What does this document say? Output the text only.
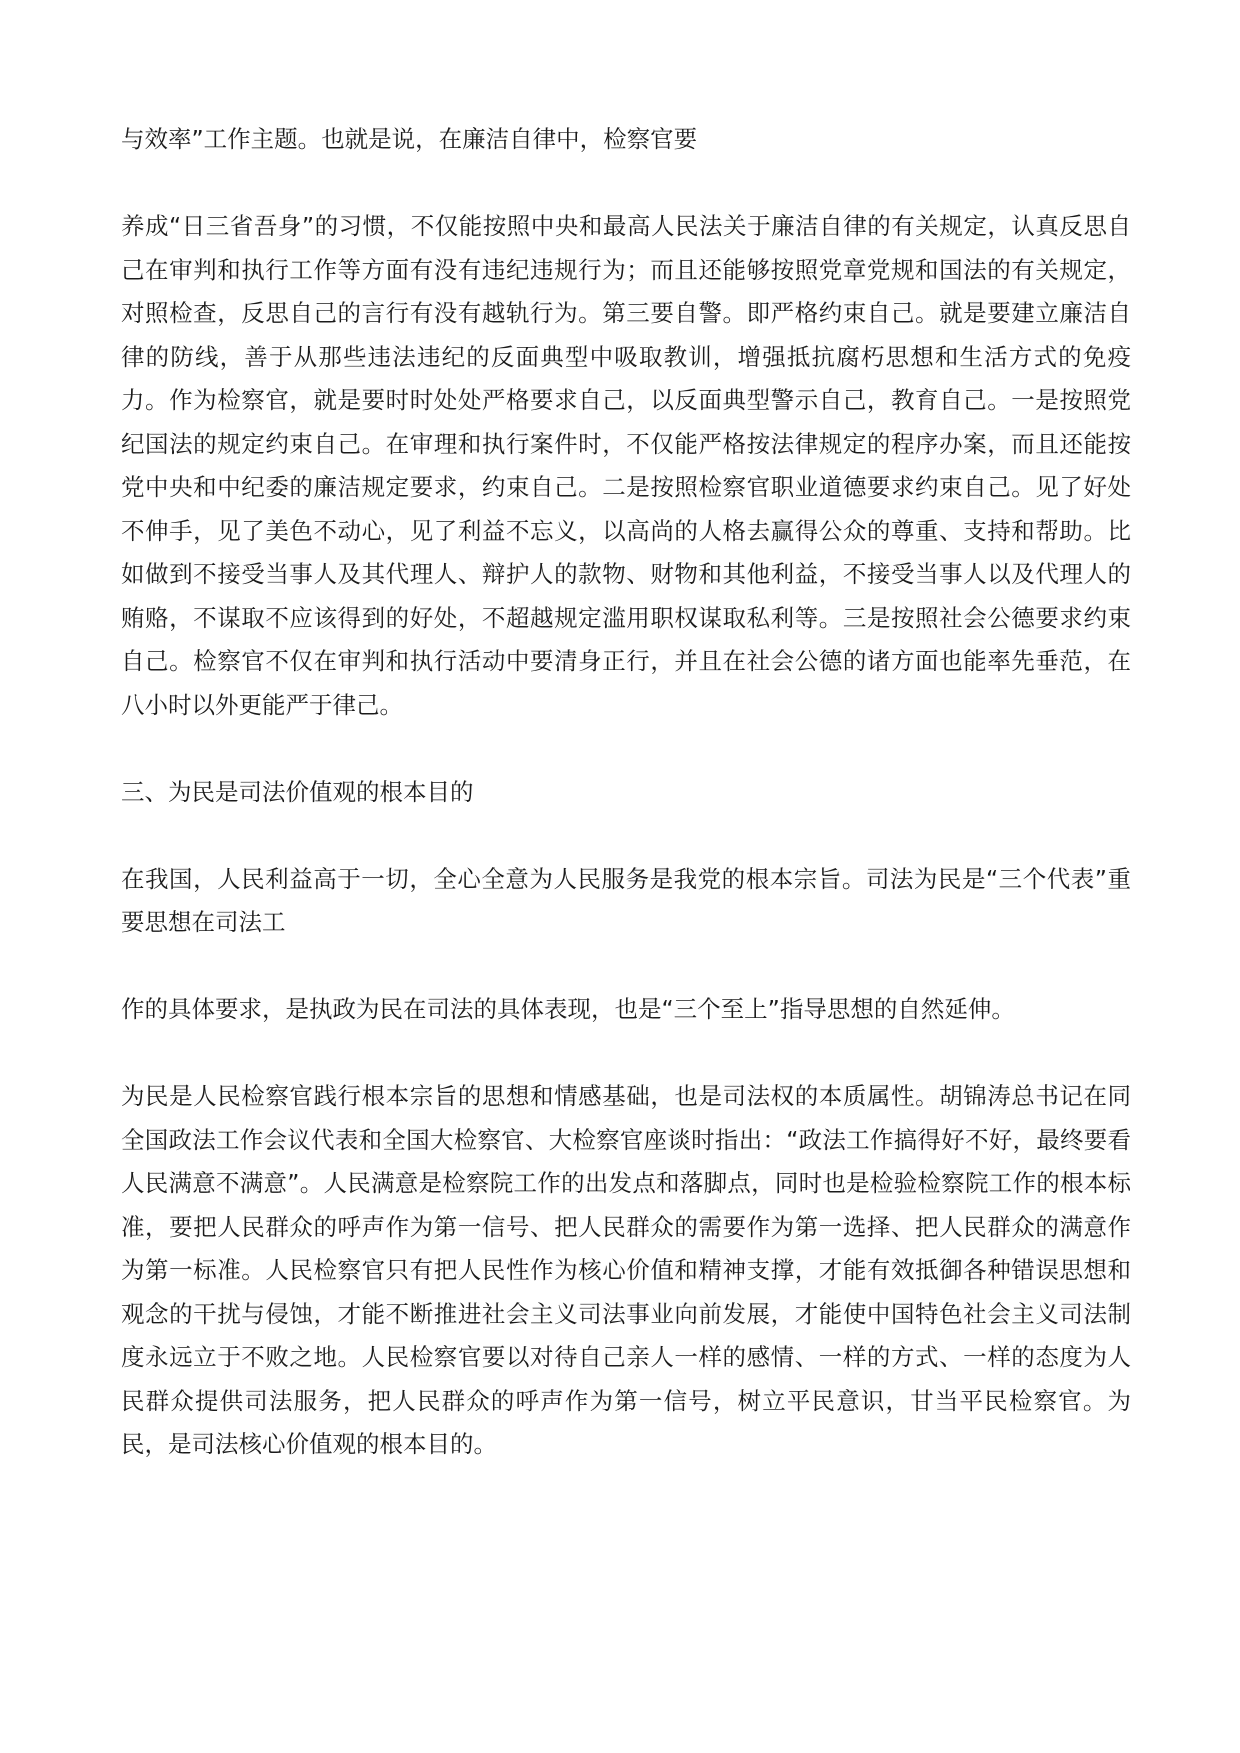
与效率”工作主题。也就是说，在廉洁自律中，检察官要

养成“日三省吾身”的习惯，不仅能按照中央和最高人民法关于廉洁自律的有关规定，认真反思自己在审判和执行工作等方面有没有违纪违规行为；而且还能够按照党章党规和国法的有关规定，对照检查，反思自己的言行有没有越轨行为。第三要自警。即严格约束自己。就是要建立廉洁自律的防线，善于从那些违法违纪的反面典型中吸取教训，增强抵抗腐朽思想和生活方式的免疫力。作为检察官，就是要时时处处严格要求自己，以反面典型警示自己，教育自己。一是按照党纪国法的规定约束自己。在审理和执行案件时，不仅能严格按法律规定的程序办案，而且还能按党中央和中纪委的廉洁规定要求，约束自己。二是按照检察官职业道德要求约束自己。见了好处不伸手，见了美色不动心，见了利益不忘义，以高尚的人格去赢得公众的尊重、支持和帮助。比如做到不接受当事人及其代理人、辩护人的款物、财物和其他利益，不接受当事人以及代理人的贿赂，不谋取不应该得到的好处，不超越规定滥用职权谋取私利等。三是按照社会公德要求约束自己。检察官不仅在审判和执行活动中要清身正行，并且在社会公德的诸方面也能率先垂范，在八小时以外更能严于律己。

三、为民是司法价值观的根本目的

在我国，人民利益高于一切，全心全意为人民服务是我党的根本宗旨。司法为民是“三个代表”重要思想在司法工

作的具体要求，是执政为民在司法的具体表现，也是“三个至上”指导思想的自然延伸。

为民是人民检察官践行根本宗旨的思想和情感基础，也是司法权的本质属性。胡锦涛总书记在同全国政法工作会议代表和全国大检察官、大检察官座谈时指出：“政法工作搞得好不好，最终要看人民满意不满意”。人民满意是检察院工作的出发点和落脚点，同时也是检验检察院工作的根本标准，要把人民群众的呼声作为第一信号、把人民群众的需要作为第一选择、把人民群众的满意作为第一标准。人民检察官只有把人民性作为核心价值和精神支撑，才能有效抵御各种错误思想和观念的干扰与侵蚀，才能不断推进社会主义司法事业向前发展，才能使中国特色社会主义司法制度永远立于不败之地。人民检察官要以对待自己亲人一样的感情、一样的方式、一样的态度为人民群众提供司法服务，把人民群众的呼声作为第一信号，树立平民意识，甘当平民检察官。为民，是司法核心价值观的根本目的。
